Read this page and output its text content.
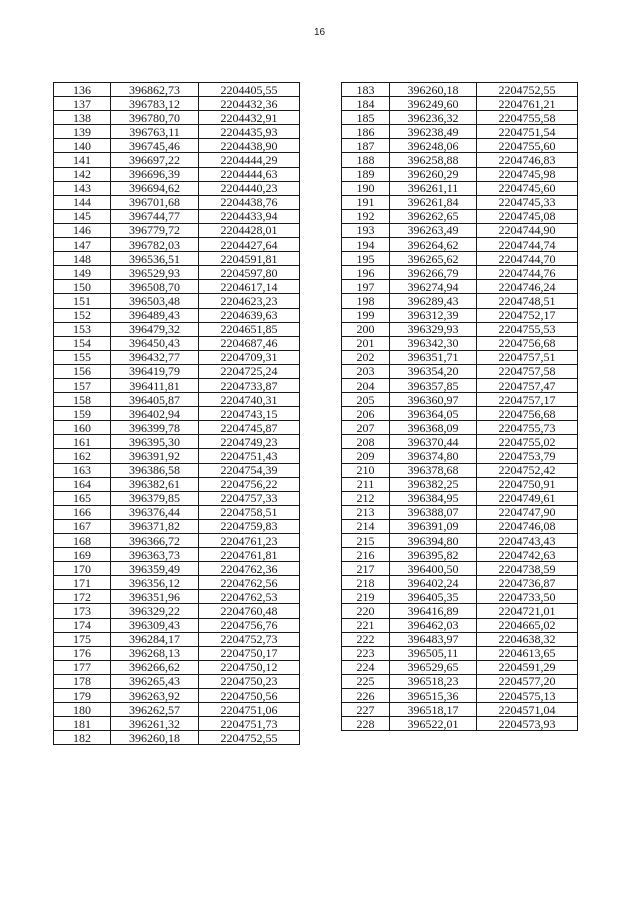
16
136	396862,73	2204405,55
137	396783,12	2204432,36
138	396780,70	2204432,91
139	396763,11	2204435,93
140	396745,46	2204438,90
141	396697,22	2204444,29
142	396696,39	2204444,63
143	396694,62	2204440,23
144	396701,68	2204438,76
145	396744,77	2204433,94
146	396779,72	2204428,01
147	396782,03	2204427,64
148	396536,51	2204591,81
149	396529,93	2204597,80
150	396508,70	2204617,14
151	396503,48	2204623,23
152	396489,43	2204639,63
153	396479,32	2204651,85
154	396450,43	2204687,46
155	396432,77	2204709,31
156	396419,79	2204725,24
157	396411,81	2204733,87
158	396405,87	2204740,31
159	396402,94	2204743,15
160	396399,78	2204745,87
161	396395,30	2204749,23
162	396391,92	2204751,43
163	396386,58	2204754,39
164	396382,61	2204756,22
165	396379,85	2204757,33
166	396376,44	2204758,51
167	396371,82	2204759,83
168	396366,72	2204761,23
169	396363,73	2204761,81
170	396359,49	2204762,36
171	396356,12	2204762,56
172	396351,96	2204762,53
173	396329,22	2204760,48
174	396309,43	2204756,76
175	396284,17	2204752,73
176	396268,13	2204750,17
177	396266,62	2204750,12
178	396265,43	2204750,23
179	396263,92	2204750,56
180	396262,57	2204751,06
181	396261,32	2204751,73
182	396260,18	2204752,55
183	396260,18	2204752,55
184	396249,60	2204761,21
185	396236,32	2204755,58
186	396238,49	2204751,54
187	396248,06	2204755,60
188	396258,88	2204746,83
189	396260,29	2204745,98
190	396261,11	2204745,60
191	396261,84	2204745,33
192	396262,65	2204745,08
193	396263,49	2204744,90
194	396264,62	2204744,74
195	396265,62	2204744,70
196	396266,79	2204744,76
197	396274,94	2204746,24
198	396289,43	2204748,51
199	396312,39	2204752,17
200	396329,93	2204755,53
201	396342,30	2204756,68
202	396351,71	2204757,51
203	396354,20	2204757,58
204	396357,85	2204757,47
205	396360,97	2204757,17
206	396364,05	2204756,68
207	396368,09	2204755,73
208	396370,44	2204755,02
209	396374,80	2204753,79
210	396378,68	2204752,42
211	396382,25	2204750,91
212	396384,95	2204749,61
213	396388,07	2204747,90
214	396391,09	2204746,08
215	396394,80	2204743,43
216	396395,82	2204742,63
217	396400,50	2204738,59
218	396402,24	2204736,87
219	396405,35	2204733,50
220	396416,89	2204721,01
221	396462,03	2204665,02
222	396483,97	2204638,32
223	396505,11	2204613,65
224	396529,65	2204591,29
225	396518,23	2204577,20
226	396515,36	2204575,13
227	396518,17	2204571,04
228	396522,01	2204573,93
